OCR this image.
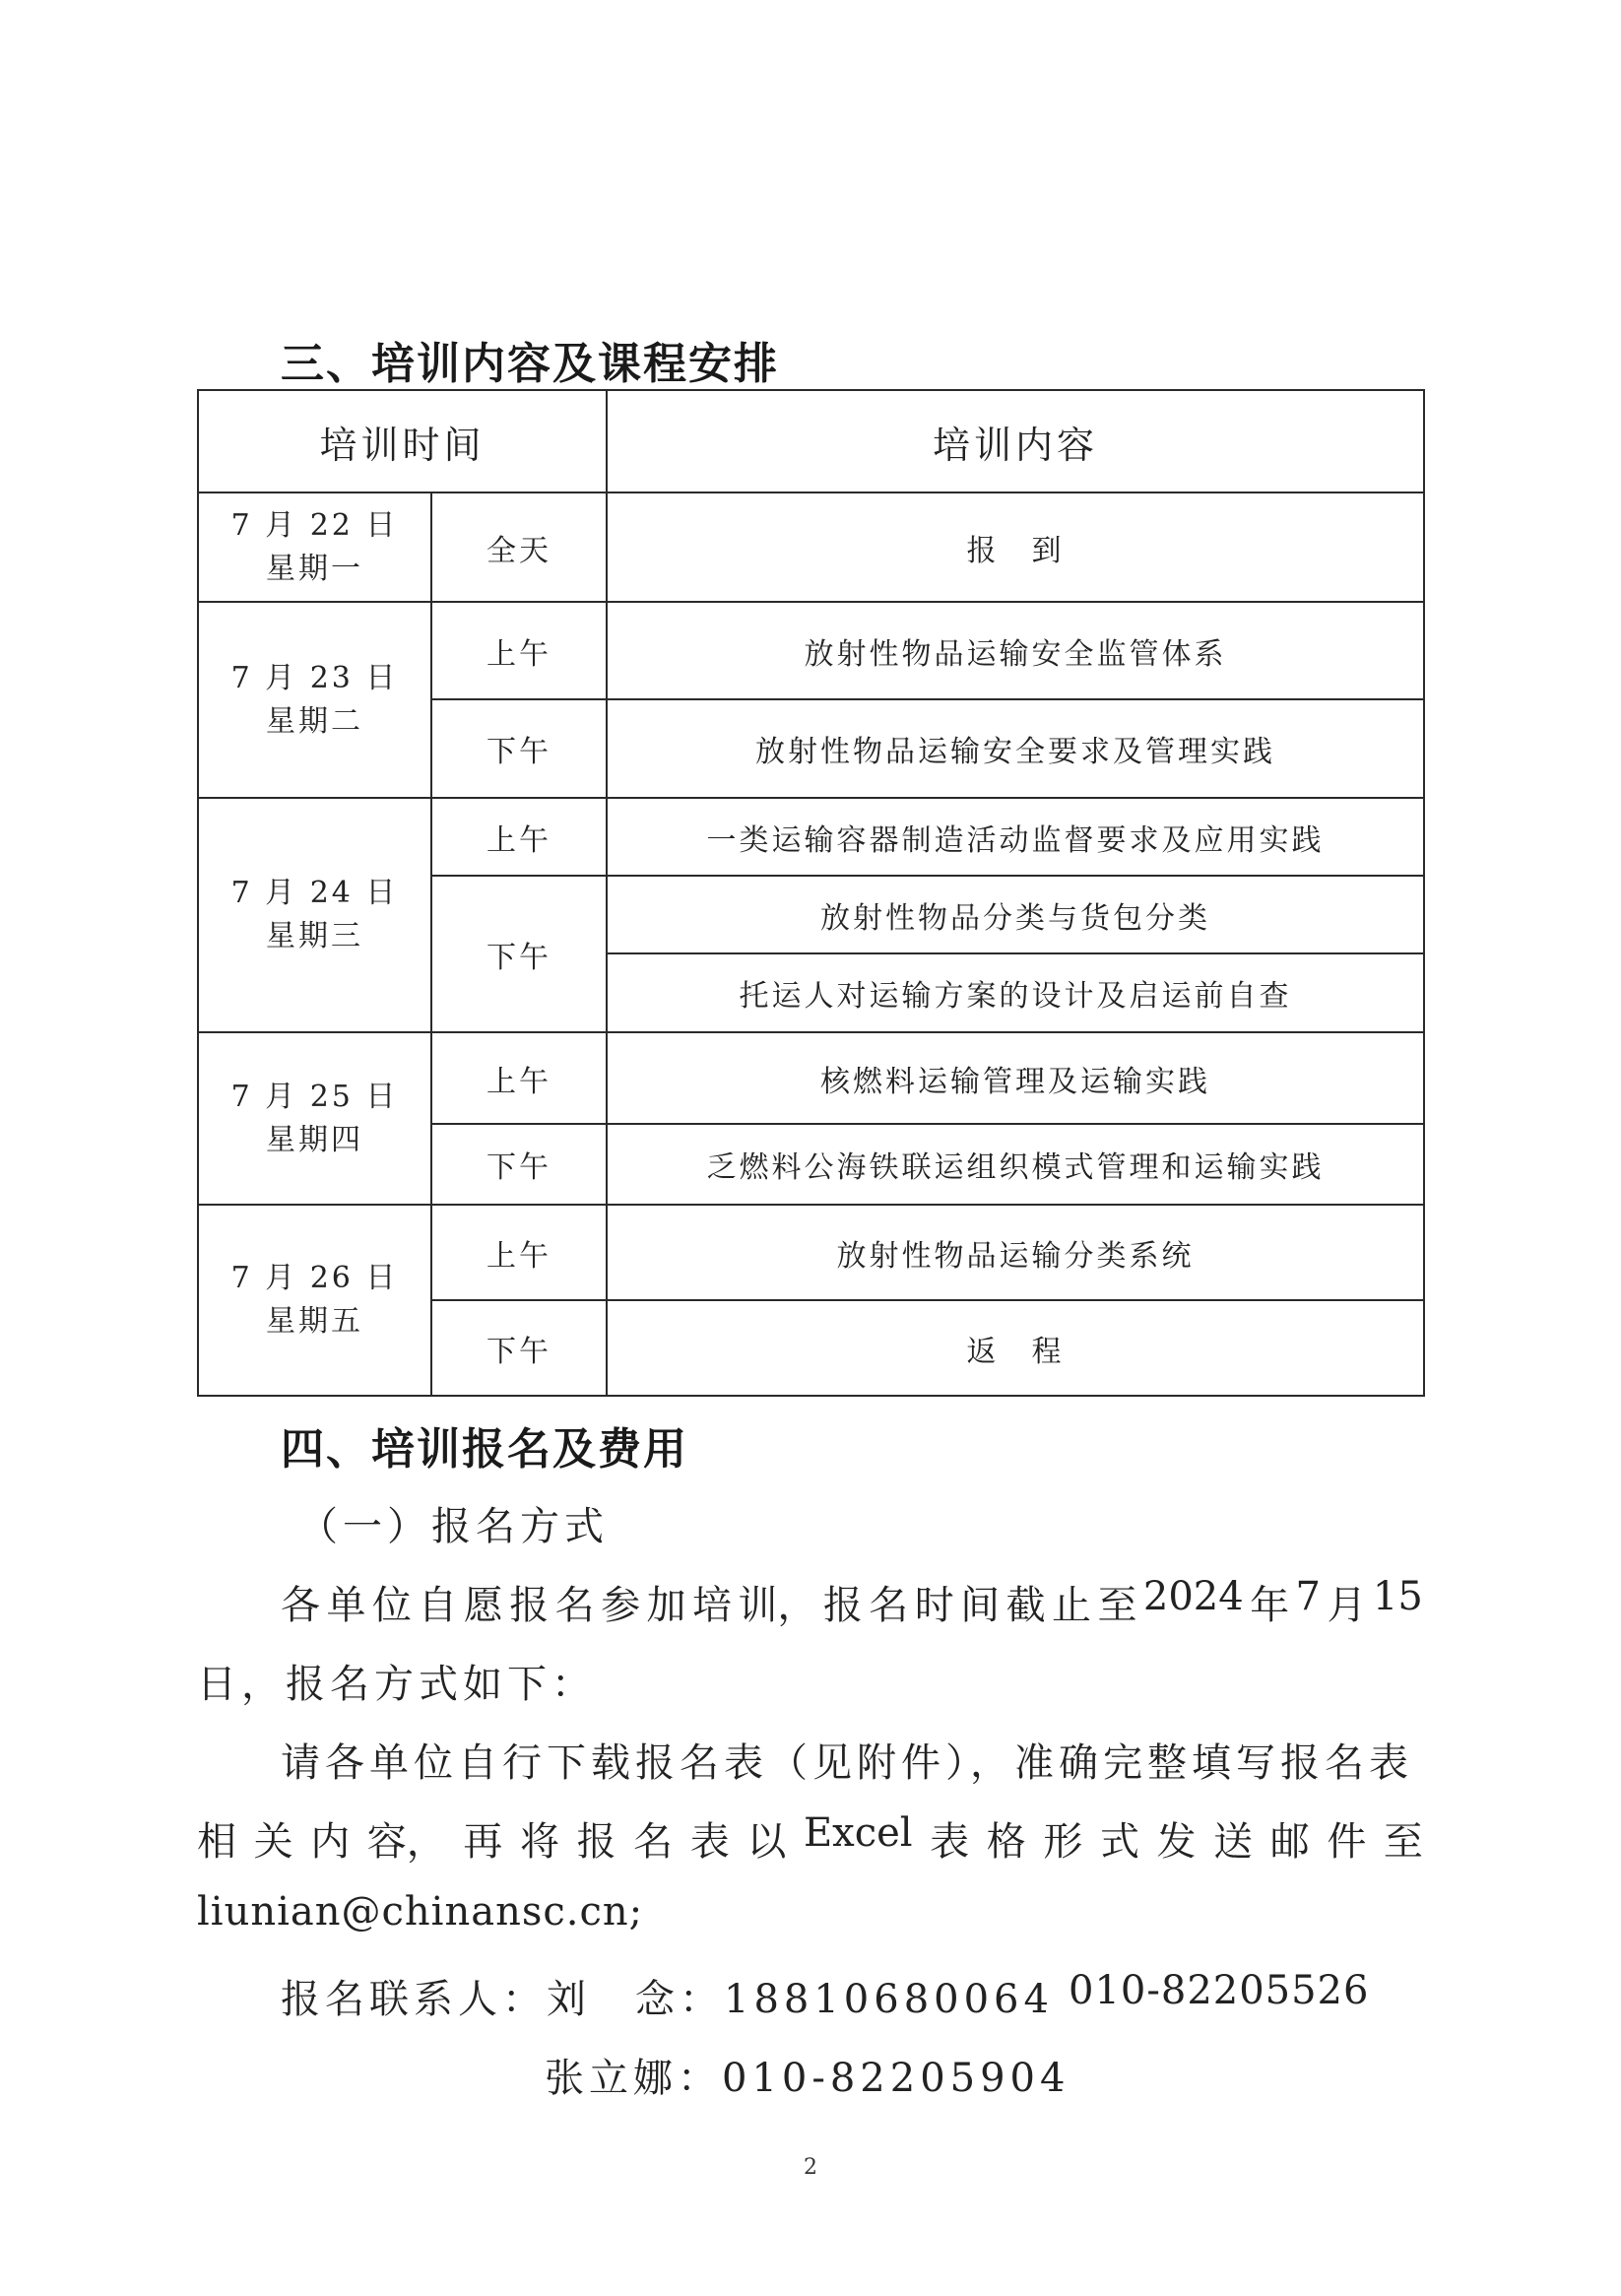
三、培训内容及课程安排
培训时间		培训内容

7 月 22 日
星期一	全天	报　到

7 月 23 日
星期二	上午	放射性物品运输安全监管体系
	下午	放射性物品运输安全要求及管理实践

7 月 24 日
星期三	上午	一类运输容器制造活动监督要求及应用实践
	下午	放射性物品分类与货包分类
		托运人对运输方案的设计及启运前自查

7 月 25 日
星期四	上午	核燃料运输管理及运输实践
	下午	乏燃料公海铁联运组织模式管理和运输实践

7 月 26 日
星期五	上午	放射性物品运输分类系统
	下午	返　程
四、培训报名及费用
（一）报名方式
各 单 位 自 愿 报 名 参 加 培 训， 报 名 时 间 截 止 至 2024 年 7 月 15
日，报名方式如下：
请各单位自行下载报名表（见附件），准确完整填写报名表
相 关 内 容， 再 将 报 名 表 以 Excel 表 格 形 式 发 送 邮 件 至
liunian@chinansc.cn;
报名联系人：刘　念：18810680064 010-82205526
张立娜：010-82205904
2
